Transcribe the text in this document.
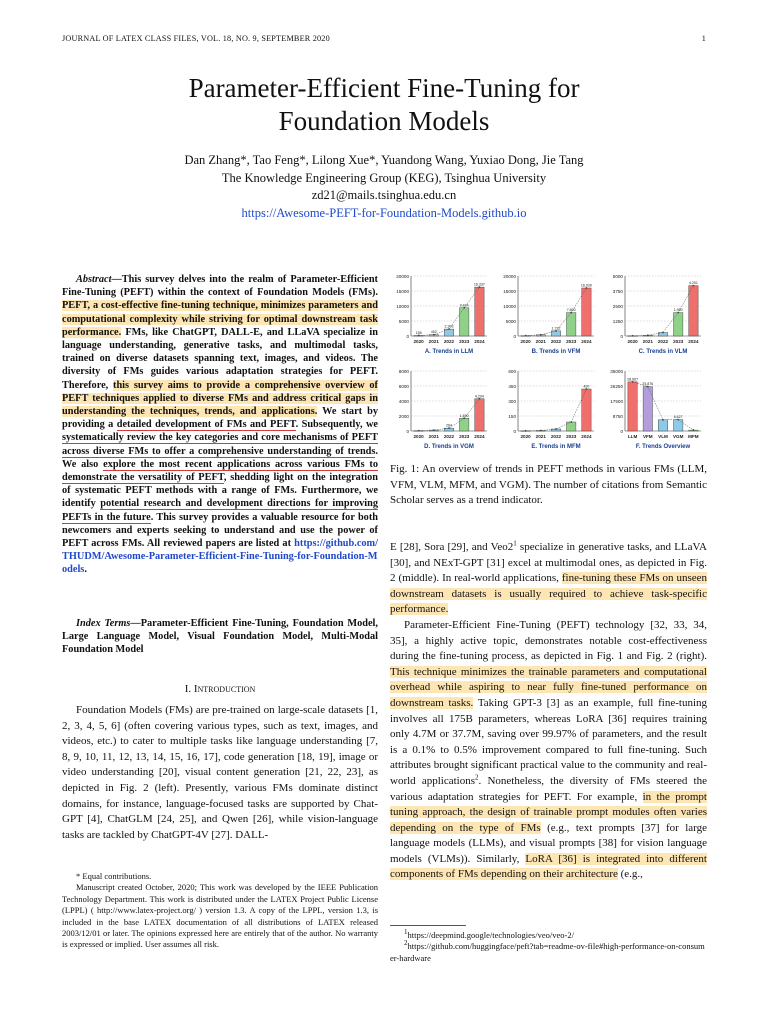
JOURNAL OF LATEX CLASS FILES, VOL. 18, NO. 9, SEPTEMBER 2020	1
Parameter-Efficient Fine-Tuning for
Foundation Models
Dan Zhang*, Tao Feng*, Lilong Xue*, Yuandong Wang, Yuxiao Dong, Jie Tang
The Knowledge Engineering Group (KEG), Tsinghua University
zd21@mails.tsinghua.edu.cn
https://Awesome-PEFT-for-Foundation-Models.github.io

Abstract—This survey delves into the realm of Parameter-Efficient Fine-Tuning (PEFT) within the context of Foundation Models (FMs). PEFT, a cost-effective fine-tuning technique, minimizes parameters and computational complexity while striving for optimal downstream task performance. FMs, like ChatGPT, DALL-E, and LLaVA specialize in language understanding, generative tasks, and multimodal tasks, trained on diverse datasets spanning text, images, and videos. The diversity of FMs guides various adaptation strategies for PEFT. Therefore, this survey aims to provide a comprehensive overview of PEFT techniques applied to diverse FMs and address critical gaps in understanding the techniques, trends, and applications. We start by providing a detailed development of FMs and PEFT. Subsequently, we systematically review the key categories and core mechanisms of PEFT across diverse FMs to offer a comprehensive understanding of trends. We also explore the most recent applications across various FMs to demonstrate the versatility of PEFT, shedding light on the integration of systematic PEFT methods with a range of FMs. Furthermore, we identify potential research and development directions for improving PEFTs in the future. This survey provides a valuable resource for both newcomers and experts seeking to understand and use the power of PEFT across FMs. All reviewed papers are listed at https://github.com/THUDM/Awesome-Parameter-Efficient-Fine-Tuning-for-Foundation-Models.

Index Terms—Parameter-Efficient Fine-Tuning, Foundation Model, Large Language Model, Visual Foundation Model, Multi-Modal Foundation Model

I. Introduction

Foundation Models (FMs) are pre-trained on large-scale datasets [1, 2, 3, 4, 5, 6] (often covering various types, such as text, images, and videos, etc.) to cater to multiple tasks like language understanding [7, 8, 9, 10, 11, 12, 13, 14, 15, 16, 17], code generation [18, 19], image or video understanding [20], visual content generation [21, 22, 23], as depicted in Fig. 2 (left). Presently, various FMs dominate distinct domains, for instance, language-focused tasks are supported by Chat-GPT [4], ChatGLM [24, 25], and Qwen [26], while vision-language tasks are tackled by ChatGPT-4V [27]. DALL-

* Equal contributions.

Manuscript created October, 2020; This work was developed by the IEEE Publication Technology Department. This work is distributed under the LATEX Project Public License (LPPL) ( http://www.latex-project.org/ ) version 1.3. A copy of the LPPL, version 1.3, is included in the base LATEX documentation of all distributions of LATEX released 2003/12/01 or later. The opinions expressed here are entirely that of the author. No warranty is expressed or implied. User assumes all risk.

0
5000
10000
15000
20000
158
2020
452
2021
2,303
2022
9,424
2023
16,337
2024
A. Trends in LLM
0
5000
10000
15000
20000
2020 2021
1,722
2022
7,800
2023
16,030
2024
B. Trends in VFM
0
1250
2500
3750
5000
2020 2021 2022
1,950
2023
4,201
2024
C. Trends in VLM
0
2000
4000
6000
8000
2020 2021
264
2022
1,690
2023
4,294
2024
D. Trends in VGM
0
150
300
450
600
2020 2021 2022 2023
420
2024
E. Trends in MFM
0
8750
17500
26250
35000
28,667
LLM
25,876
VFM VLM
6,627
VGM MFM
F. Trends Overview
Fig. 1: An overview of trends in PEFT methods in various FMs (LLM, VFM, VLM, MFM, and VGM). The number of citations from Semantic Scholar serves as a trend indicator.

E [28], Sora [29], and $Veo2^1$ specialize in generative tasks, and LLaVA [30], and NExT-GPT [31] excel at multimodal ones, as depicted in Fig. 2 (middle). In real-world applications, fine-tuning these FMs on unseen downstream datasets is usually required to achieve task-specific performance.

Parameter-Efficient Fine-Tuning (PEFT) technology [32, 33, 34, 35], a highly active topic, demonstrates notable cost-effectiveness during the fine-tuning process, as depicted in Fig. 1 and Fig. 2 (right). This technique minimizes the trainable parameters and computational overhead while aspiring to near fully fine-tuned performance on downstream tasks. Taking GPT-3 [3] as an example, full fine-tuning involves all 175B parameters, whereas LoRA [36] requires training only 4.7M or 37.7M, saving over 99.97% of parameters, and the result is a 0.1% to 0.5% improvement compared to full fine-tuning. Such attributes brought significant practical value to the community and real-world applications$^2$. Nonetheless, the diversity of FMs steered the various adaptation strategies for PEFT. For example, in the prompt tuning approach, the design of trainable prompt modules often varies depending on the type of FMs (e.g., text prompts [37] for large language models (LLMs), and visual prompts [38] for vision language models (VLMs)). Similarly, LoRA [36] is integrated into different components of FMs depending on their architecture (e.g.,

$^1$https://deepmind.google/technologies/veo/veo-2/

$^2$https://github.com/huggingface/peft?tab=readme-ov-file#high-performance-on-consumer-hardware
